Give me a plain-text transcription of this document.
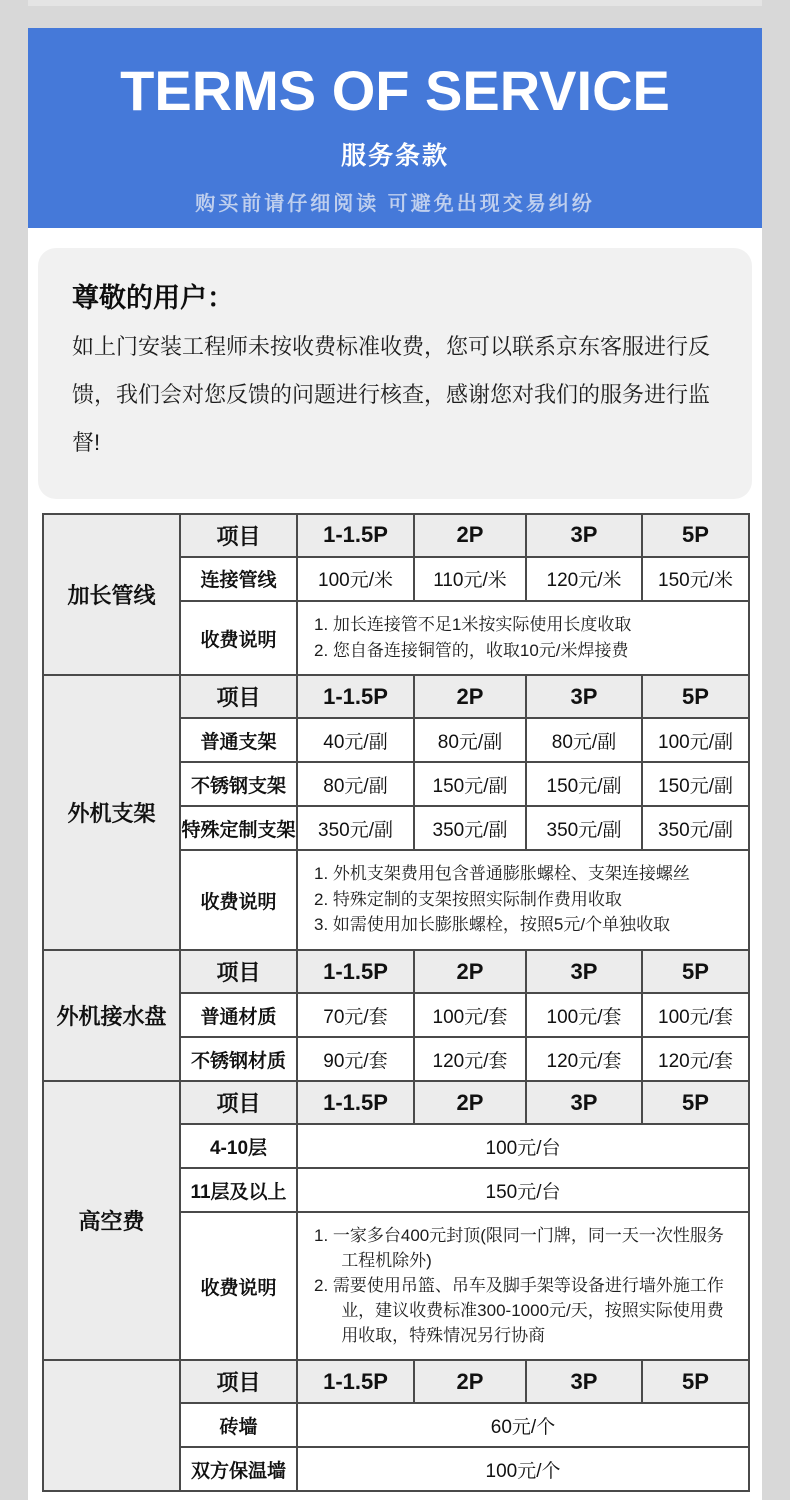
TERMS OF SERVICE
服务条款
购买前请仔细阅读 可避免出现交易纠纷
尊敬的用户：

如上门安装工程师未按收费标准收费，您可以联系京东客服进行反馈，我们会对您反馈的问题进行核查，感谢您对我们的服务进行监督!

加长管线	项目	1-1.5P	2P	3P	5P
	连接管线	100元/米	110元/米	120元/米	150元/米
	收费说明	1. 加长连接管不足1米按实际使用长度收取
2. 您自备连接铜管的，收取10元/米焊接费			
外机支架	项目	1-1.5P	2P	3P	5P
	普通支架	40元/副	80元/副	80元/副	100元/副
	不锈钢支架	80元/副	150元/副	150元/副	150元/副
	特殊定制支架	350元/副	350元/副	350元/副	350元/副
	收费说明	1. 外机支架费用包含普通膨胀螺栓、支架连接螺丝
2. 特殊定制的支架按照实际制作费用收取
3. 如需使用加长膨胀螺栓，按照5元/个单独收取			
外机接水盘	项目	1-1.5P	2P	3P	5P
	普通材质	70元/套	100元/套	100元/套	100元/套
	不锈钢材质	90元/套	120元/套	120元/套	120元/套
高空费	项目	1-1.5P	2P	3P	5P
	4-10层	100元/台			
	11层及以上	150元/台			
	收费说明	1. 一家多台400元封顶(限同一门牌，同一天一次性服务工程机除外)
2. 需要使用吊篮、吊车及脚手架等设备进行墙外施工作业，建议收费标准300-1000元/天，按照实际使用费用收取，特殊情况另行协商			
	项目	1-1.5P	2P	3P	5P
	砖墙	60元/个			
	双方保温墙	100元/个			
